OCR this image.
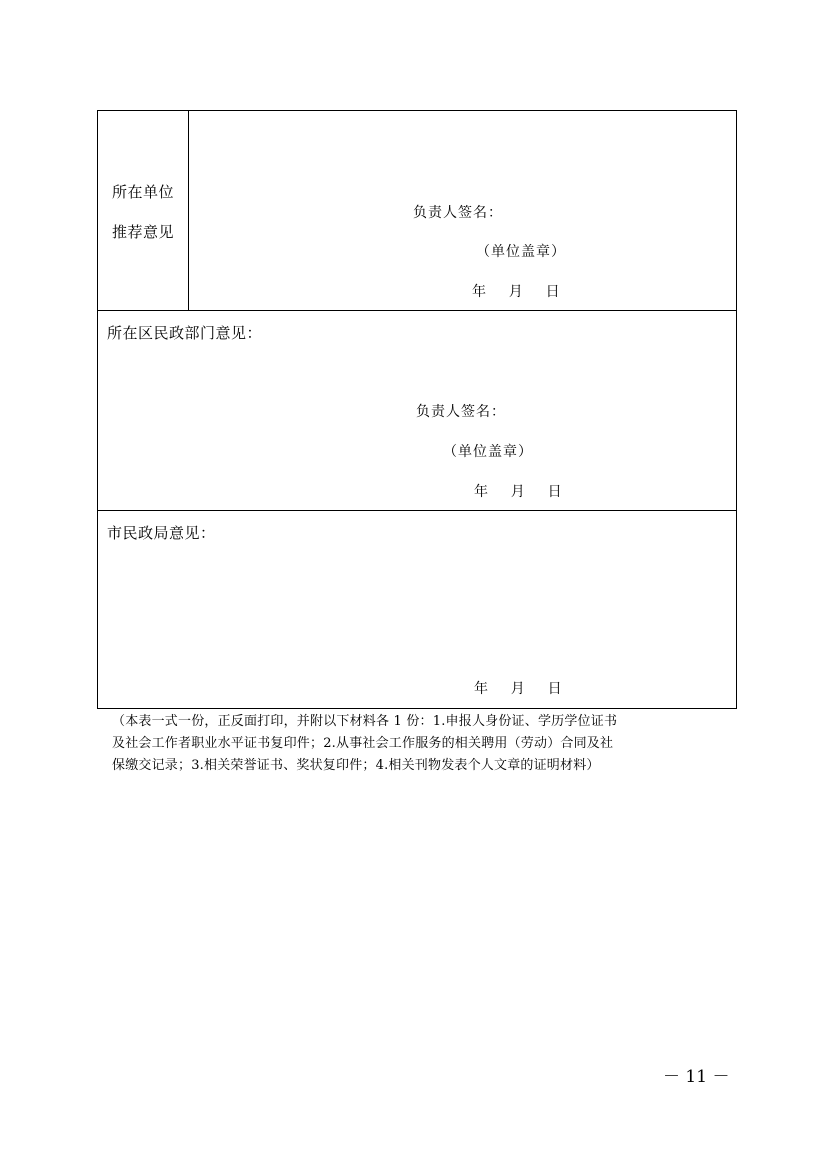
所在单位
推荐意见
负责人签名：
（单位盖章）
年    月    日
所在区民政部门意见：
负责人签名：
（单位盖章）
年    月    日
市民政局意见：
年    月    日

（本表一式一份，正反面打印，并附以下材料各 1 份：1.申报人身份证、学历学位证书
及社会工作者职业水平证书复印件；2.从事社会工作服务的相关聘用（劳动）合同及社
保缴交记录；3.相关荣誉证书、奖状复印件；4.相关刊物发表个人文章的证明材料）

－ 11 －
